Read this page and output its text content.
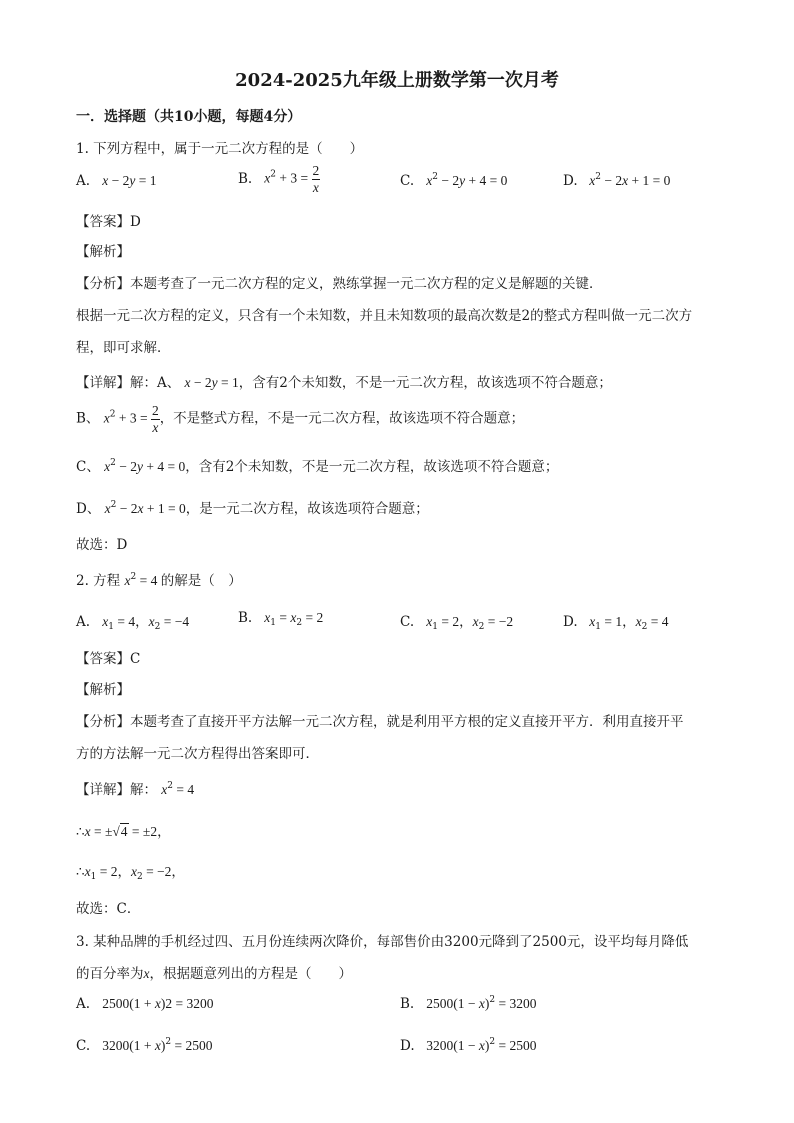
2024-2025九年级上册数学第一次月考
一．选择题（共10小题，每题4分）
1. 下列方程中，属于一元二次方程的是（　　）
A. x − 2y = 1	B. $x^2 + 3 = \frac{2}{x}$	C. $x^2 - 2y + 4 = 0$	D. $x^2 - 2x + 1 = 0$
【答案】D
【解析】
【分析】本题考查了一元二次方程的定义，熟练掌握一元二次方程的定义是解题的关键．
根据一元二次方程的定义，只含有一个未知数，并且未知数项的最高次数是2的整式方程叫做一元二次方
程，即可求解．
【详解】解：A、 x − 2y = 1，含有2个未知数，不是一元二次方程，故该选项不符合题意；
B、 $x^2 + 3 = \frac{2}{x}$ ，不是整式方程，不是一元二次方程，故该选项不符合题意；
C、 $x^2 - 2y + 4 = 0$，含有2个未知数，不是一元二次方程，故该选项不符合题意；
D、 $x^2 - 2x + 1 = 0$，是一元二次方程，故该选项符合题意；
故选：D
2. 方程 $x^2 = 4$ 的解是（　）
A. $x_1 = 4$，$x_2 = -4$	B. $x_1 = x_2 = 2$	C. $x_1 = 2$，$x_2 = -2$	D. $x_1 = 1$，$x_2 = 4$
【答案】C
【解析】
【分析】本题考查了直接开平方法解一元二次方程，就是利用平方根的定义直接开平方．利用直接开平
方的方法解一元二次方程得出答案即可．
【详解】解： $x^2 = 4$
∴x = ±√4 = ±2，
$\therefore x_1 = 2$，$x_2 = -2$，
故选：C．
3. 某种品牌的手机经过四、五月份连续两次降价，每部售价由3200元降到了2500元，设平均每月降低
的百分率为x，根据题意列出的方程是（　　）
A. 2500(1 + x)2 = 3200	B. $2500(1 - x)^2 = 3200$
C. $3200(1 + x)^2 = 2500$	D. $3200(1 - x)^2 = 2500$
